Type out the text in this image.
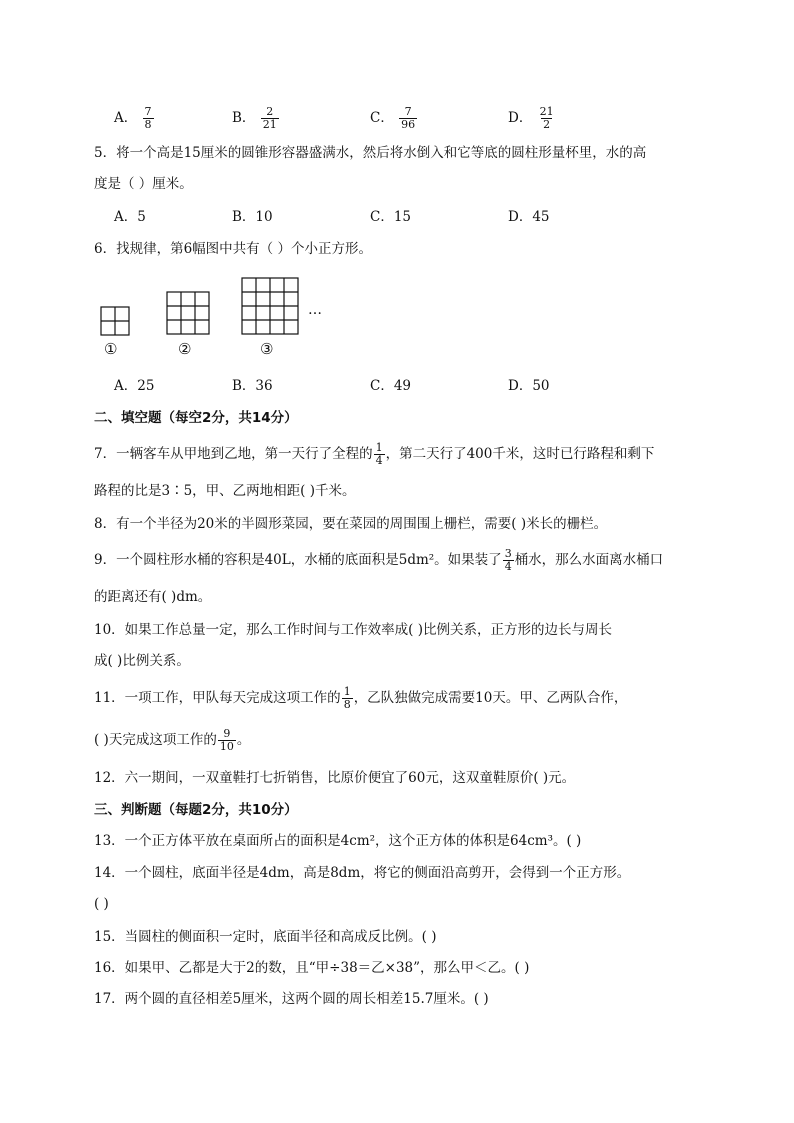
A． $\frac{7}{8}$	B． $\frac{2}{21}$	C． $\frac{7}{96}$	D． $\frac{21}{2}$
5．将一个高是15厘米的圆锥形容器盛满水，然后将水倒入和它等底的圆柱形量杯里，水的高
度是（ ）厘米。
A．5	B．10	C．15	D．45
6．找规律，第6幅图中共有（ ）个小正方形。
…
①	②	③
A．25	B．36	C．49	D．50
二、填空题（每空2分，共14分）
7．一辆客车从甲地到乙地，第一天行了全程的 $\frac{1}{4}$ ，第二天行了400千米，这时已行路程和剩下
路程的比是3∶5，甲、乙两地相距( )千米。
8．有一个半径为20米的半圆形菜园，要在菜园的周围围上栅栏，需要( )米长的栅栏。
9．一个圆柱形水桶的容积是40L，水桶的底面积是5dm²。如果装了 $\frac{3}{4}$ 桶水，那么水面离水桶口
的距离还有( )dm。
10．如果工作总量一定，那么工作时间与工作效率成( )比例关系，正方形的边长与周长
成( )比例关系。
11．一项工作，甲队每天完成这项工作的 $\frac{1}{8}$ ，乙队独做完成需要10天。甲、乙两队合作，
( )天完成这项工作的 $\frac{9}{10}$ 。
12．六一期间，一双童鞋打七折销售，比原价便宜了60元，这双童鞋原价( )元。
三、判断题（每题2分，共10分）
13．一个正方体平放在桌面所占的面积是4cm²，这个正方体的体积是64cm³。( )
14．一个圆柱，底面半径是4dm，高是8dm，将它的侧面沿高剪开，会得到一个正方形。
( )
15．当圆柱的侧面积一定时，底面半径和高成反比例。( )
16．如果甲、乙都是大于2的数，且“甲÷38＝乙×38”，那么甲＜乙。( )
17．两个圆的直径相差5厘米，这两个圆的周长相差15.7厘米。( )
